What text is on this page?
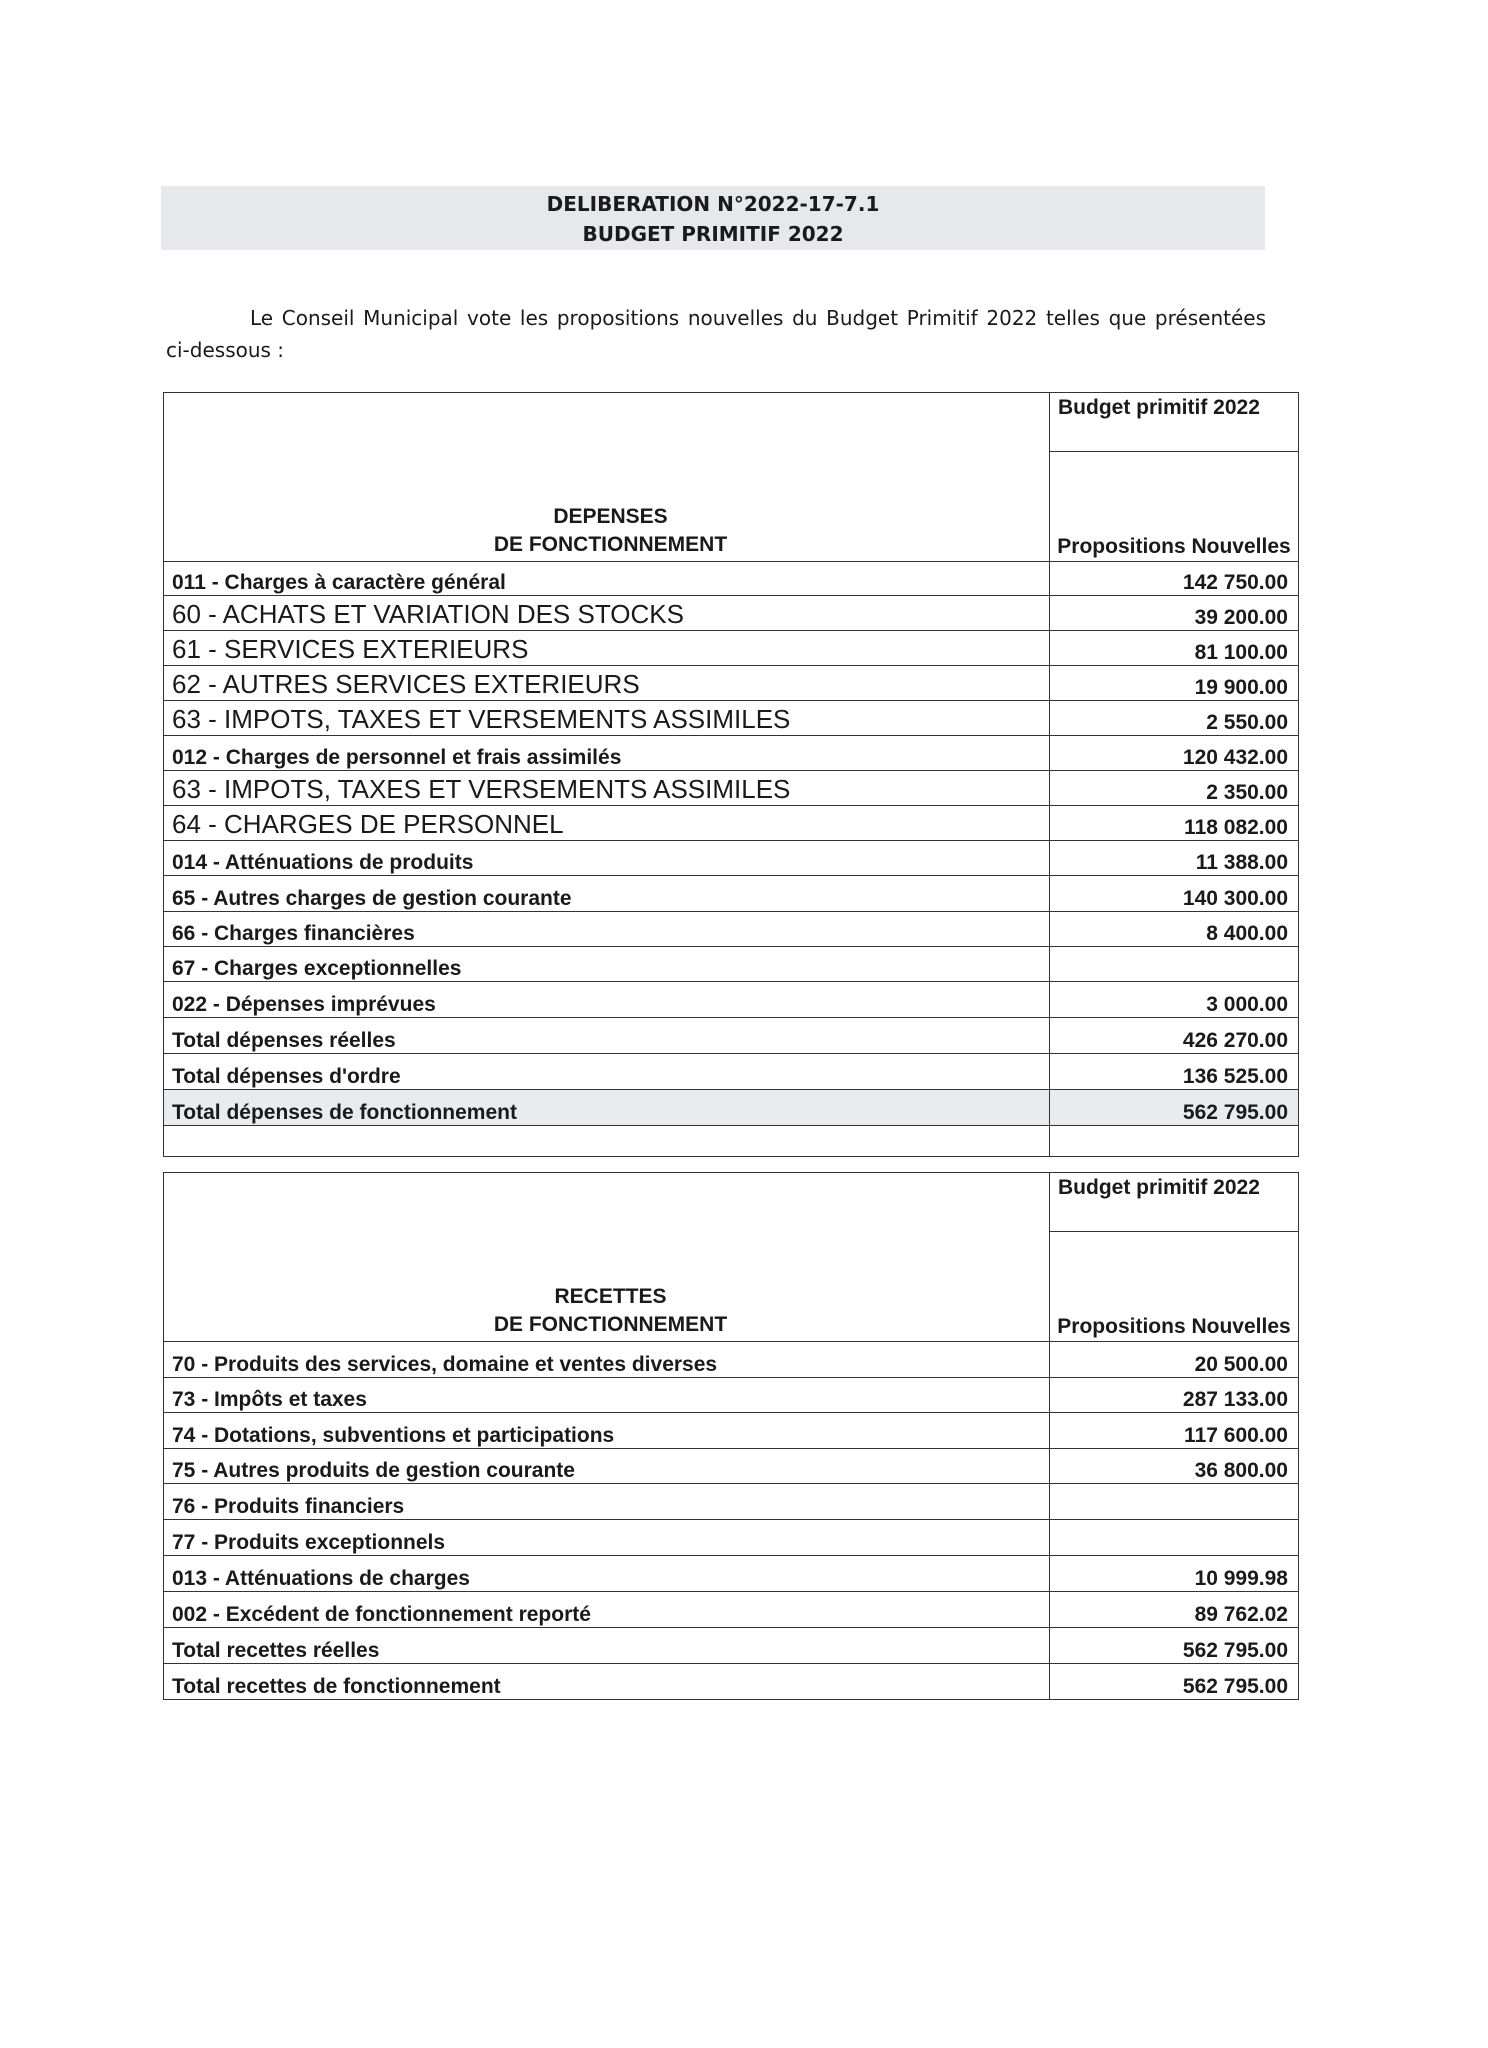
DELIBERATION N°2022-17-7.1
BUDGET PRIMITIF 2022
Le Conseil Municipal vote les propositions nouvelles du Budget Primitif 2022 telles que présentées ci-dessous :
DEPENSES
DE FONCTIONNEMENT	Budget primitif 2022
	Propositions Nouvelles
011 - Charges à caractère général	142 750.00
60 - ACHATS ET VARIATION DES STOCKS	39 200.00
61 - SERVICES EXTERIEURS	81 100.00
62 - AUTRES SERVICES EXTERIEURS	19 900.00
63 - IMPOTS, TAXES ET VERSEMENTS ASSIMILES	2 550.00
012 - Charges de personnel et frais assimilés	120 432.00
63 - IMPOTS, TAXES ET VERSEMENTS ASSIMILES	2 350.00
64 - CHARGES DE PERSONNEL	118 082.00
014 - Atténuations de produits	11 388.00
65 - Autres charges de gestion courante	140 300.00
66 - Charges financières	8 400.00
67 - Charges exceptionnelles	
022 - Dépenses imprévues	3 000.00
Total dépenses réelles	426 270.00
Total dépenses d'ordre	136 525.00
Total dépenses de fonctionnement	562 795.00

RECETTES
DE FONCTIONNEMENT	Budget primitif 2022
	Propositions Nouvelles
70 - Produits des services, domaine et ventes diverses	20 500.00
73 - Impôts et taxes	287 133.00
74 - Dotations, subventions et participations	117 600.00
75 - Autres produits de gestion courante	36 800.00
76 - Produits financiers	
77 - Produits exceptionnels	
013 - Atténuations de charges	10 999.98
002 - Excédent de fonctionnement reporté	89 762.02
Total recettes réelles	562 795.00
Total recettes de fonctionnement	562 795.00
